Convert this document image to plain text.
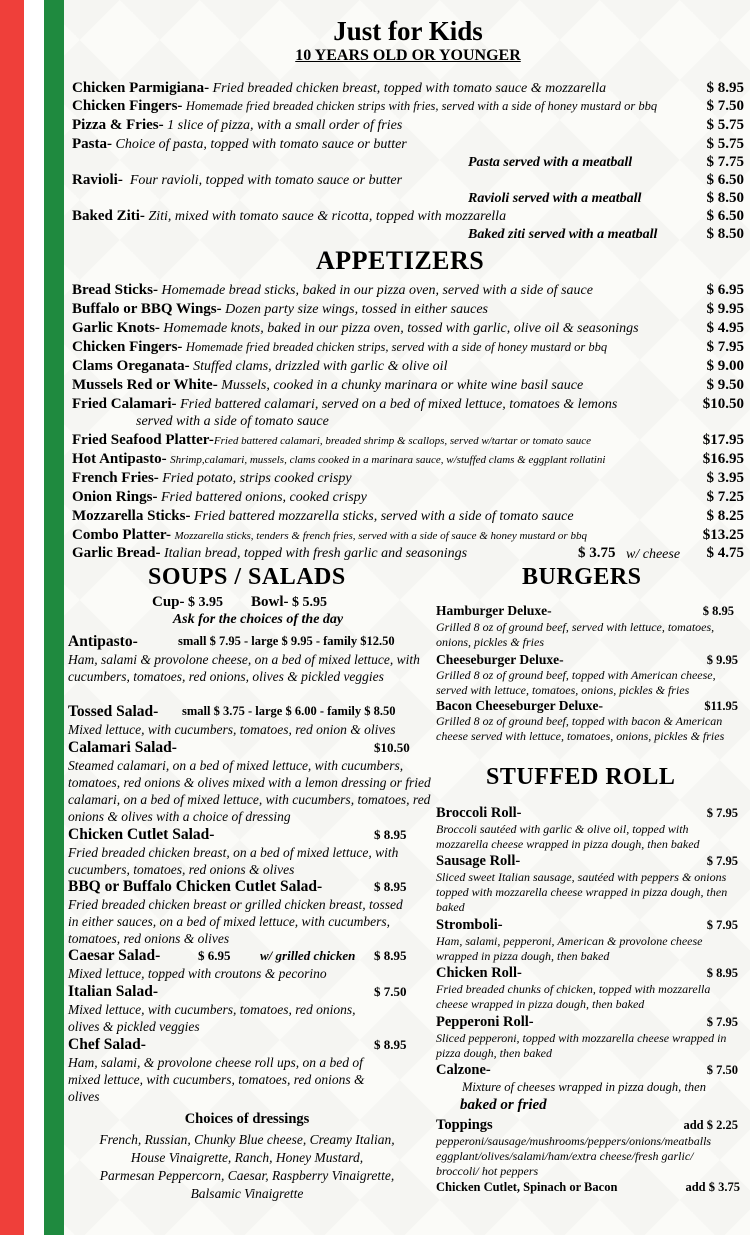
Just for Kids
10 YEARS OLD OR YOUNGER
Chicken Parmigiana- Fried breaded chicken breast, topped with tomato sauce & mozzarella	$ 8.95
Chicken Fingers- Homemade fried breaded chicken strips with fries, served with a side of honey mustard or bbq	$ 7.50
Pizza & Fries- 1 slice of pizza, with a small order of fries	$ 5.75
Pasta- Choice of pasta, topped with tomato sauce or butter	$ 5.75
Pasta served with a meatball	$ 7.75
Ravioli- Four ravioli, topped with tomato sauce or butter	$ 6.50
Ravioli served with a meatball	$ 8.50
Baked Ziti- Ziti, mixed with tomato sauce & ricotta, topped with mozzarella	$ 6.50
Baked ziti served with a meatball	$ 8.50
APPETIZERS
Bread Sticks- Homemade bread sticks, baked in our pizza oven, served with a side of sauce	$ 6.95
Buffalo or BBQ Wings- Dozen party size wings, tossed in either sauces	$ 9.95
Garlic Knots- Homemade knots, baked in our pizza oven, tossed with garlic, olive oil & seasonings	$ 4.95
Chicken Fingers- Homemade fried breaded chicken strips, served with a side of honey mustard or bbq	$ 7.95
Clams Oreganata- Stuffed clams, drizzled with garlic & olive oil	$ 9.00
Mussels Red or White- Mussels, cooked in a chunky marinara or white wine basil sauce	$ 9.50
Fried Calamari- Fried battered calamari, served on a bed of mixed lettuce, tomatoes & lemons	$10.50
served with a side of tomato sauce
Fried Seafood Platter-Fried battered calamari, breaded shrimp & scallops, served w/tartar or tomato sauce	$17.95
Hot Antipasto- Shrimp,calamari, mussels, clams cooked in a marinara sauce, w/stuffed clams & eggplant rollatini	$16.95
French Fries- Fried potato, strips cooked crispy	$ 3.95
Onion Rings- Fried battered onions, cooked crispy	$ 7.25
Mozzarella Sticks- Fried battered mozzarella sticks, served with a side of tomato sauce	$ 8.25
Combo Platter- Mozzarella sticks, tenders & french fries, served with a side of sauce & honey mustard or bbq	$13.25
Garlic Bread- Italian bread, topped with fresh garlic and seasonings	$ 3.75 w/ cheese $ 4.75
SOUPS / SALADS
Cup- $ 3.95 Bowl- $ 5.95
Ask for the choices of the day
Antipasto-	small $ 7.95 - large $ 9.95 - family $12.50
Ham, salami & provolone cheese, on a bed of mixed lettuce, with cucumbers, tomatoes, red onions, olives & pickled veggies
Tossed Salad- small $ 3.75 - large $ 6.00 - family $ 8.50
Mixed lettuce, with cucumbers, tomatoes, red onion & olives
Calamari Salad-	$10.50
Steamed calamari, on a bed of mixed lettuce, with cucumbers, tomatoes, red onions & olives mixed with a lemon dressing or fried calamari, on a bed of mixed lettuce, with cucumbers, tomatoes, red onions & olives with a choice of dressing
Chicken Cutlet Salad-	$ 8.95
Fried breaded chicken breast, on a bed of mixed lettuce, with cucumbers, tomatoes, red onions & olives
BBQ or Buffalo Chicken Cutlet Salad-	$ 8.95
Fried breaded chicken breast or grilled chicken breast, tossed in either sauces, on a bed of mixed lettuce, with cucumbers, tomatoes, red onions & olives
Caesar Salad-	$ 6.95 w/ grilled chicken $ 8.95
Mixed lettuce, topped with croutons & pecorino
Italian Salad-	$ 7.50
Mixed lettuce, with cucumbers, tomatoes, red onions, olives & pickled veggies
Chef Salad-	$ 8.95
Ham, salami, & provolone cheese roll ups, on a bed of mixed lettuce, with cucumbers, tomatoes, red onions & olives
Choices of dressings
French, Russian, Chunky Blue cheese, Creamy Italian,
House Vinaigrette, Ranch, Honey Mustard,
Parmesan Peppercorn, Caesar, Raspberry Vinaigrette,
Balsamic Vinaigrette
BURGERS
Hamburger Deluxe-	$ 8.95
Grilled 8 oz of ground beef, served with lettuce, tomatoes, onions, pickles & fries
Cheeseburger Deluxe-	$ 9.95
Grilled 8 oz of ground beef, topped with American cheese, served with lettuce, tomatoes, onions, pickles & fries
Bacon Cheeseburger Deluxe-	$11.95
Grilled 8 oz of ground beef, topped with bacon & American cheese served with lettuce, tomatoes, onions, pickles & fries
STUFFED ROLL
Broccoli Roll-	$ 7.95
Broccoli sautéed with garlic & olive oil, topped with mozzarella cheese wrapped in pizza dough, then baked
Sausage Roll-	$ 7.95
Sliced sweet Italian sausage, sautéed with peppers & onions topped with mozzarella cheese wrapped in pizza dough, then baked
Stromboli-	$ 7.95
Ham, salami, pepperoni, American & provolone cheese wrapped in pizza dough, then baked
Chicken Roll-	$ 8.95
Fried breaded chunks of chicken, topped with mozzarella cheese wrapped in pizza dough, then baked
Pepperoni Roll-	$ 7.95
Sliced pepperoni, topped with mozzarella cheese wrapped in pizza dough, then baked
Calzone-	$ 7.50
Mixture of cheeses wrapped in pizza dough, then
baked or fried
Toppings	add $ 2.25
pepperoni/sausage/mushrooms/peppers/onions/meatballs eggplant/olives/salami/ham/extra cheese/fresh garlic/ broccoli/ hot peppers
Chicken Cutlet, Spinach or Bacon	add $ 3.75
